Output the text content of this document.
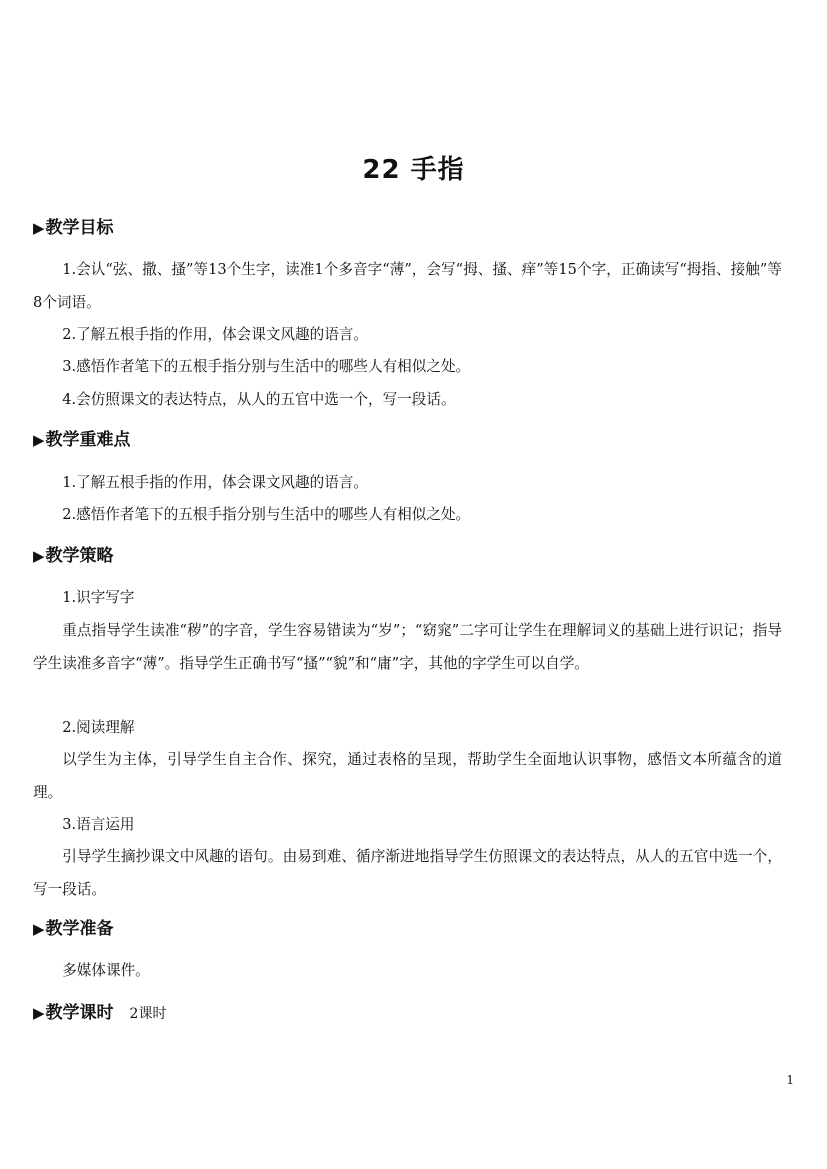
22 手指
▶教学目标

1.会认“弦、撒、搔”等13个生字，读准1个多音字“薄”，会写“拇、搔、痒”等15个字，正确读写“拇指、接触”等8个词语。

2.了解五根手指的作用，体会课文风趣的语言。

3.感悟作者笔下的五根手指分别与生活中的哪些人有相似之处。

4.会仿照课文的表达特点，从人的五官中选一个，写一段话。

▶教学重难点

1.了解五根手指的作用，体会课文风趣的语言。

2.感悟作者笔下的五根手指分别与生活中的哪些人有相似之处。

▶教学策略

1.识字写字

重点指导学生读准“秽”的字音，学生容易错读为“岁”；“窈窕”二字可让学生在理解词义的基础上进行识记；指导学生读准多音字“薄”。指导学生正确书写“搔”“貌”和“庸”字，其他的字学生可以自学。

2.阅读理解

以学生为主体，引导学生自主合作、探究，通过表格的呈现，帮助学生全面地认识事物，感悟文本所蕴含的道理。

3.语言运用

引导学生摘抄课文中风趣的语句。由易到难、循序渐进地指导学生仿照课文的表达特点，从人的五官中选一个，写一段话。

▶教学准备

多媒体课件。

▶教学课时 2课时
1
